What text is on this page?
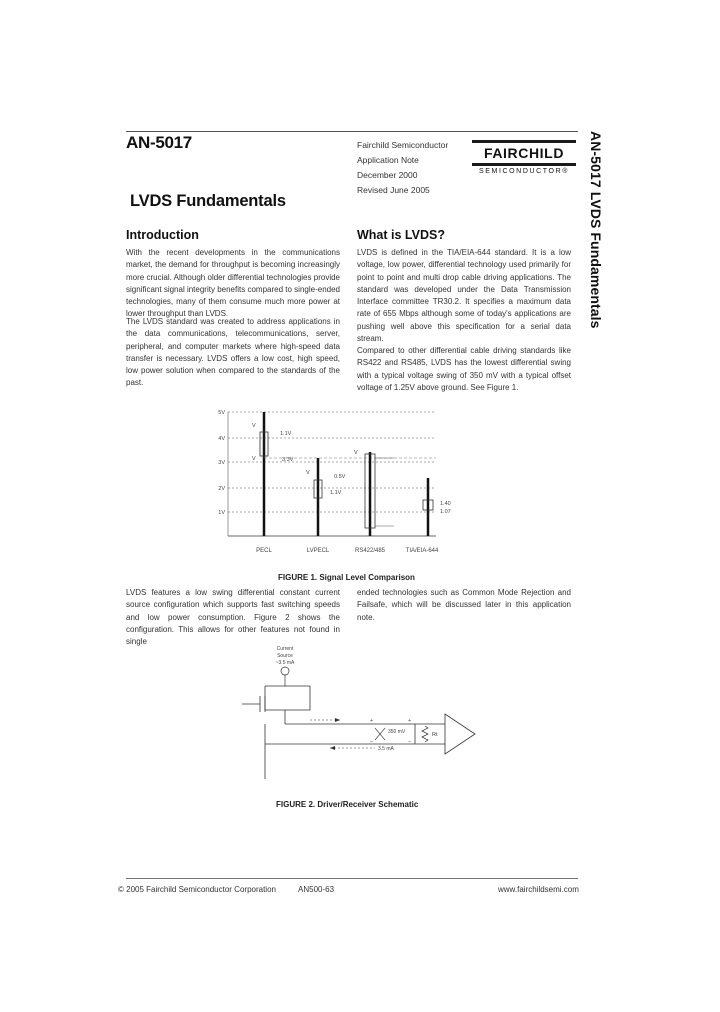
AN-5017	Fairchild Semiconductor
Application Note
December 2000
Revised June 2005
FAIRCHILD
SEMICONDUCTOR®	AN-5017 LVDS Fundamentals
LVDS Fundamentals
Introduction
With the recent developments in the communications market, the demand for throughput is becoming increasingly more crucial. Although older differential technologies provide significant signal integrity benefits compared to single-ended technologies, many of them consume much more power at lower throughput than LVDS.
The LVDS standard was created to address applications in the data communications, telecommunications, server, peripheral, and computer markets where high-speed data transfer is necessary. LVDS offers a low cost, high speed, low power solution when compared to the standards of the past.
What is LVDS?
LVDS is defined in the TIA/EIA-644 standard. It is a low voltage, low power, differential technology used primarily for point to point and multi drop cable driving applications. The standard was developed under the Data Transmission Interface committee TR30.2. It specifies a maximum data rate of 655 Mbps although some of today's applications are pushing well above this specification for a serial data stream.
Compared to other differential cable driving standards like RS422 and RS485, LVDS has the lowest differential swing with a typical voltage swing of 350 mV with a typical offset voltage of 1.25V above ground. See Figure 1.
5V
4V
3V
2V
1V
1.1V
V
V	3.3V
1.1V
V
0.5V
V
1.40
1.07
PECL	LVPECL	RS422/485	TIA/EIA-644
FIGURE 1. Signal Level Comparison
LVDS features a low swing differential constant current source configuration which supports fast switching speeds and low power consumption. Figure 2 shows the configuration. This allows for other features not found in single
ended technologies such as Common Mode Rejection and Failsafe, which will be discussed later in this application note.
Current
Source
~3.5 mA
Rt
3.5 mA
350 mV
+
−
+
−
FIGURE 2. Driver/Receiver Schematic
© 2005 Fairchild Semiconductor Corporation	AN500-63	www.fairchildsemi.com
